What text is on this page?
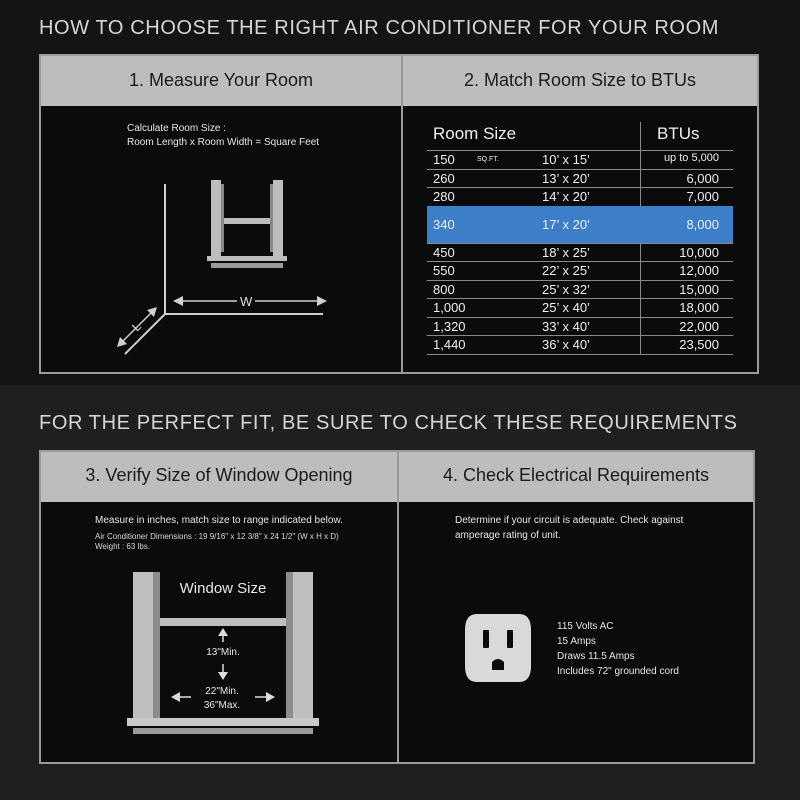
HOW TO CHOOSE THE RIGHT AIR CONDITIONER FOR YOUR ROOM
1. Measure Your Room
Calculate Room Size :
Room Length x Room Width = Square Feet
W
L
2. Match Room Size to BTUs
Room Size	BTUs
150	SQ.FT.	10’ x 15’	up to 5,000
260	13’ x 20’	6,000
280	14’ x 20’	7,000
340	17’ x 20’	8,000
450	18’ x 25’	10,000
550	22’ x 25’	12,000
800	25’ x 32’	15,000
1,000	25’ x 40’	18,000
1,320	33’ x 40’	22,000
1,440	36’ x 40’	23,500
FOR THE PERFECT FIT, BE SURE TO CHECK THESE REQUIREMENTS
3. Verify Size of Window Opening
Measure in inches, match size to range indicated below.
Air Conditioner Dimensions : 19 9/16" x 12 3/8" x 24 1/2" (W x H x D)
Weight : 63 lbs.
Window Size
13"Min.
22"Min.
36"Max.
4. Check Electrical Requirements
Determine if your circuit is adequate. Check against
amperage rating of unit.
115 Volts AC
15 Amps
Draws 11.5 Amps
Includes 72" grounded cord
